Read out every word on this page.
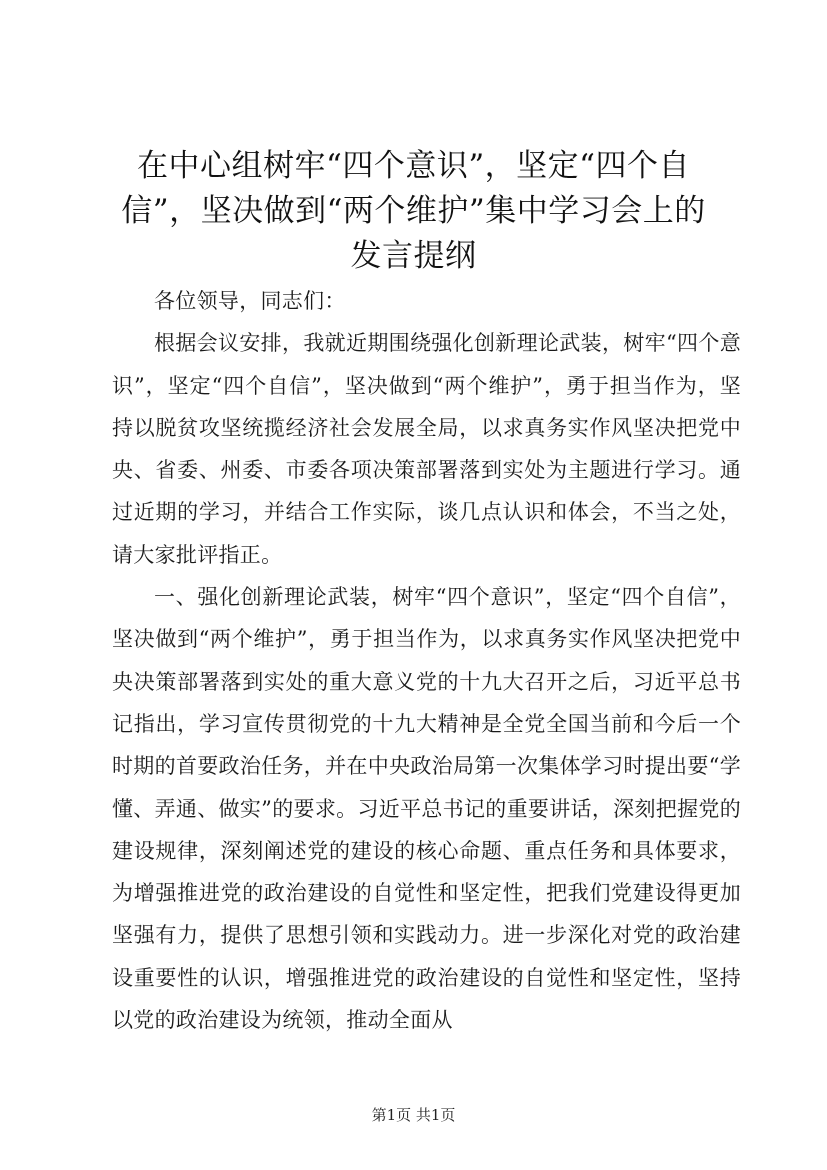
在中心组树牢“四个意识”，坚定“四个自信”，坚决做到“两个维护”集中学习会上的发言提纲

各位领导，同志们：

根据会议安排，我就近期围绕强化创新理论武装，树牢“四个意识”，坚定“四个自信”，坚决做到“两个维护”，勇于担当作为，坚持以脱贫攻坚统揽经济社会发展全局，以求真务实作风坚决把党中央、省委、州委、市委各项决策部署落到实处为主题进行学习。通过近期的学习，并结合工作实际，谈几点认识和体会，不当之处，请大家批评指正。

一、强化创新理论武装，树牢“四个意识”，坚定“四个自信”，坚决做到“两个维护”，勇于担当作为，以求真务实作风坚决把党中央决策部署落到实处的重大意义党的十九大召开之后，习近平总书记指出，学习宣传贯彻党的十九大精神是全党全国当前和今后一个时期的首要政治任务，并在中央政治局第一次集体学习时提出要“学懂、弄通、做实”的要求。习近平总书记的重要讲话，深刻把握党的建设规律，深刻阐述党的建设的核心命题、重点任务和具体要求，为增强推进党的政治建设的自觉性和坚定性，把我们党建设得更加坚强有力，提供了思想引领和实践动力。进一步深化对党的政治建设重要性的认识，增强推进党的政治建设的自觉性和坚定性，坚持以党的政治建设为统领，推动全面从

第1页 共1页
